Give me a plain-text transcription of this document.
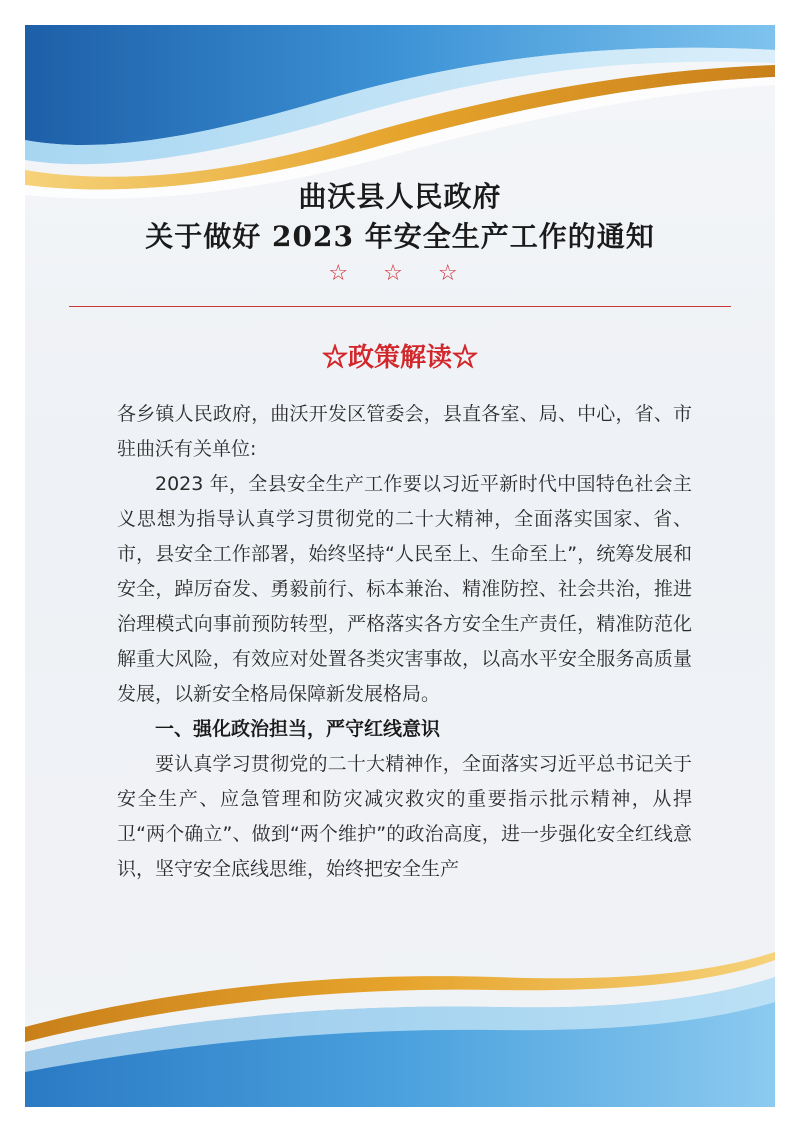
曲沃县人民政府
关于做好 2023 年安全生产工作的通知
☆ ☆ ☆
☆政策解读☆

各乡镇人民政府，曲沃开发区管委会，县直各室、局、中心，省、市驻曲沃有关单位:

2023 年，全县安全生产工作要以习近平新时代中国特色社会主义思想为指导认真学习贯彻党的二十大精神，全面落实国家、省、市，县安全工作部署，始终坚持“人民至上、生命至上”，统筹发展和安全，踔厉奋发、勇毅前行、标本兼治、精准防控、社会共治，推进治理模式向事前预防转型，严格落实各方安全生产责任，精准防范化解重大风险，有效应对处置各类灾害事故，以高水平安全服务高质量发展，以新安全格局保障新发展格局。

一、强化政治担当，严守红线意识

要认真学习贯彻党的二十大精神作，全面落实习近平总书记关于安全生产、应急管理和防灾减灾救灾的重要指示批示精神，从捍卫“两个确立”、做到“两个维护”的政治高度，进一步强化安全红线意识，坚守安全底线思维，始终把安全生产
